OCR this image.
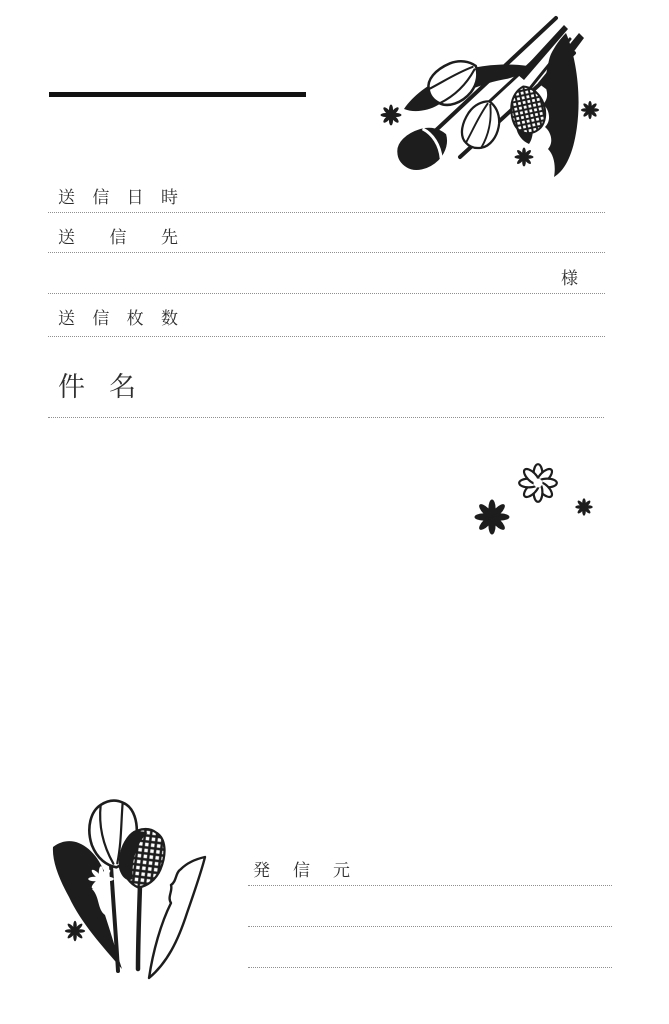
送信日時
送信先
様
送信枚数
件名
発信元
